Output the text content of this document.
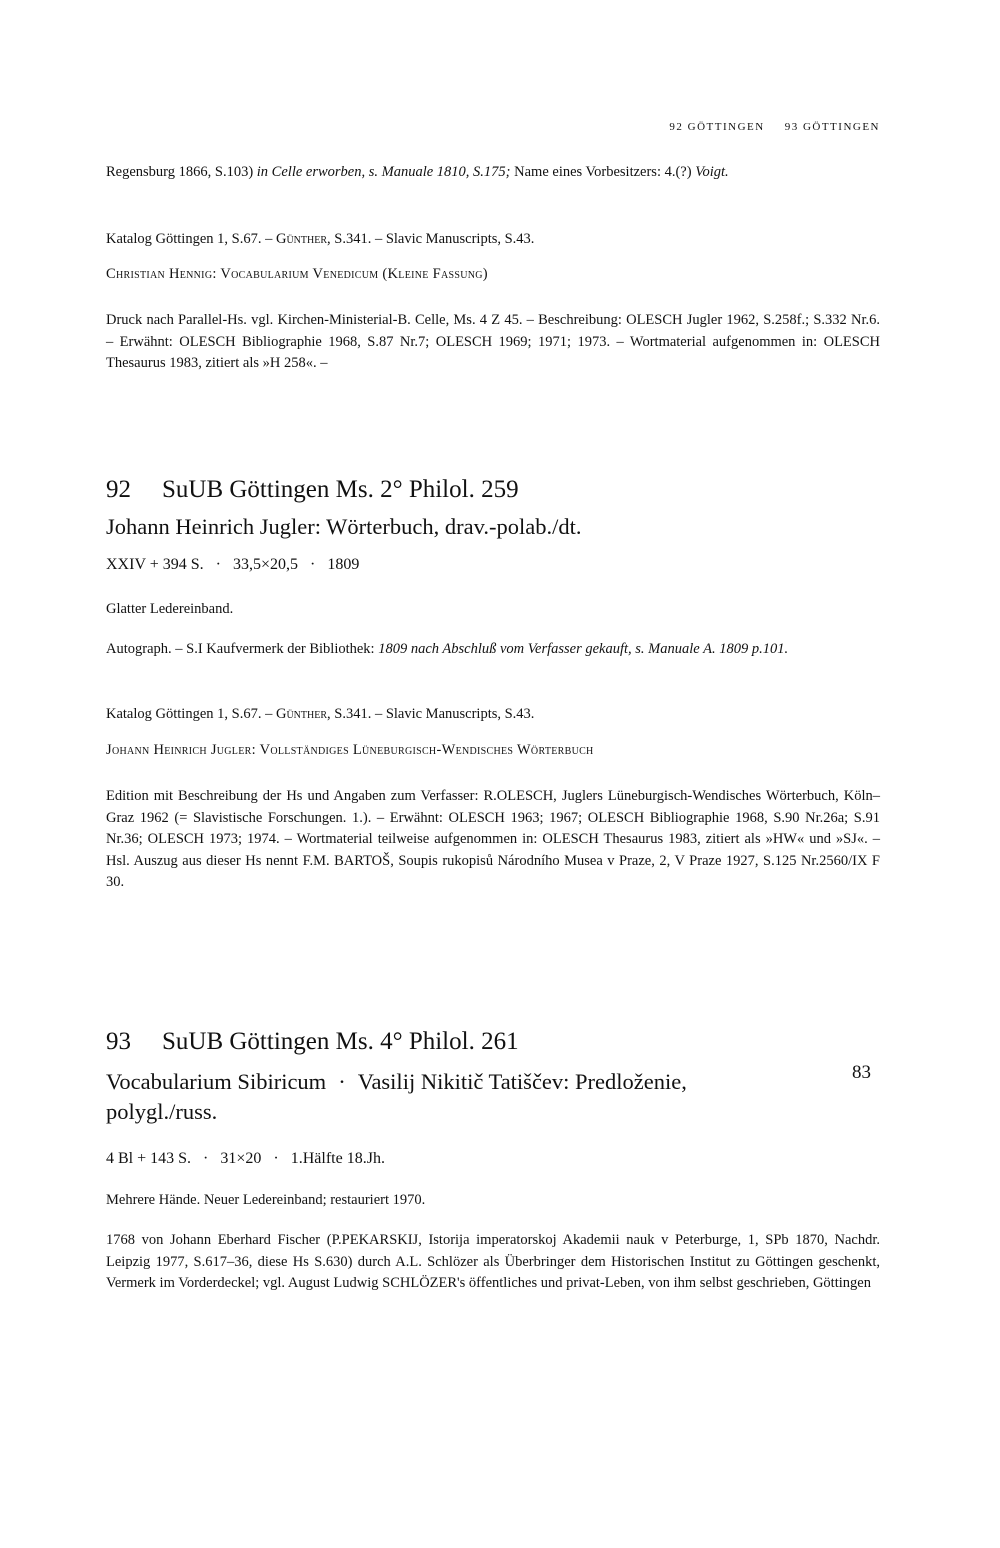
92 GÖTTINGEN 93 GÖTTINGEN

Regensburg 1866, S.103) in Celle erworben, s. Manuale 1810, S.175; Name eines Vorbesitzers: 4.(?) Voigt.

Katalog Göttingen 1, S.67. – Günther, S.341. – Slavic Manuscripts, S.43.

Christian Hennig: Vocabularium Venedicum (Kleine Fassung)

Druck nach Parallel-Hs. vgl. Kirchen-Ministerial-B. Celle, Ms. 4 Z 45. – Beschreibung: OLESCH Jugler 1962, S.258f.; S.332 Nr.6. – Erwähnt: OLESCH Bibliographie 1968, S.87 Nr.7; OLESCH 1969; 1971; 1973. – Wortmaterial aufgenommen in: OLESCH Thesaurus 1983, zitiert als »H 258«. –

92 SuUB Göttingen Ms. 2° Philol. 259

Johann Heinrich Jugler: Wörterbuch, drav.-polab./dt.

XXIV + 394 S. · 33,5×20,5 · 1809

Glatter Ledereinband.

Autograph. – S.I Kaufvermerk der Bibliothek: 1809 nach Abschluß vom Verfasser gekauft, s. Manuale A. 1809 p.101.

Katalog Göttingen 1, S.67. – Günther, S.341. – Slavic Manuscripts, S.43.

Johann Heinrich Jugler: Vollständiges Lüneburgisch-Wendisches Wörterbuch

Edition mit Beschreibung der Hs und Angaben zum Verfasser: R.OLESCH, Juglers Lüneburgisch-Wendisches Wörterbuch, Köln–Graz 1962 (= Slavistische Forschungen. 1.). – Erwähnt: OLESCH 1963; 1967; OLESCH Bibliographie 1968, S.90 Nr.26a; S.91 Nr.36; OLESCH 1973; 1974. – Wortmaterial teilweise aufgenommen in: OLESCH Thesaurus 1983, zitiert als »HW« und »SJ«. – Hsl. Auszug aus dieser Hs nennt F.M. BARTOŠ, Soupis rukopisů Národního Musea v Praze, 2, V Praze 1927, S.125 Nr.2560/IX F 30.

93 SuUB Göttingen Ms. 4° Philol. 261

Vocabularium Sibiricum · Vasilij Nikitič Tatiščev: Predloženie,
polygl./russ.

4 Bl + 143 S. · 31×20 · 1.Hälfte 18.Jh.

Mehrere Hände. Neuer Ledereinband; restauriert 1970.

1768 von Johann Eberhard Fischer (P.PEKARSKIJ, Istorija imperatorskoj Akademii nauk v Peterburge, 1, SPb 1870, Nachdr. Leipzig 1977, S.617–36, diese Hs S.630) durch A.L. Schlözer als Überbringer dem Historischen Institut zu Göttingen geschenkt, Vermerk im Vorderdeckel; vgl. August Ludwig SCHLÖZER's öffentliches und privat-Leben, von ihm selbst geschrieben, Göttingen

83
